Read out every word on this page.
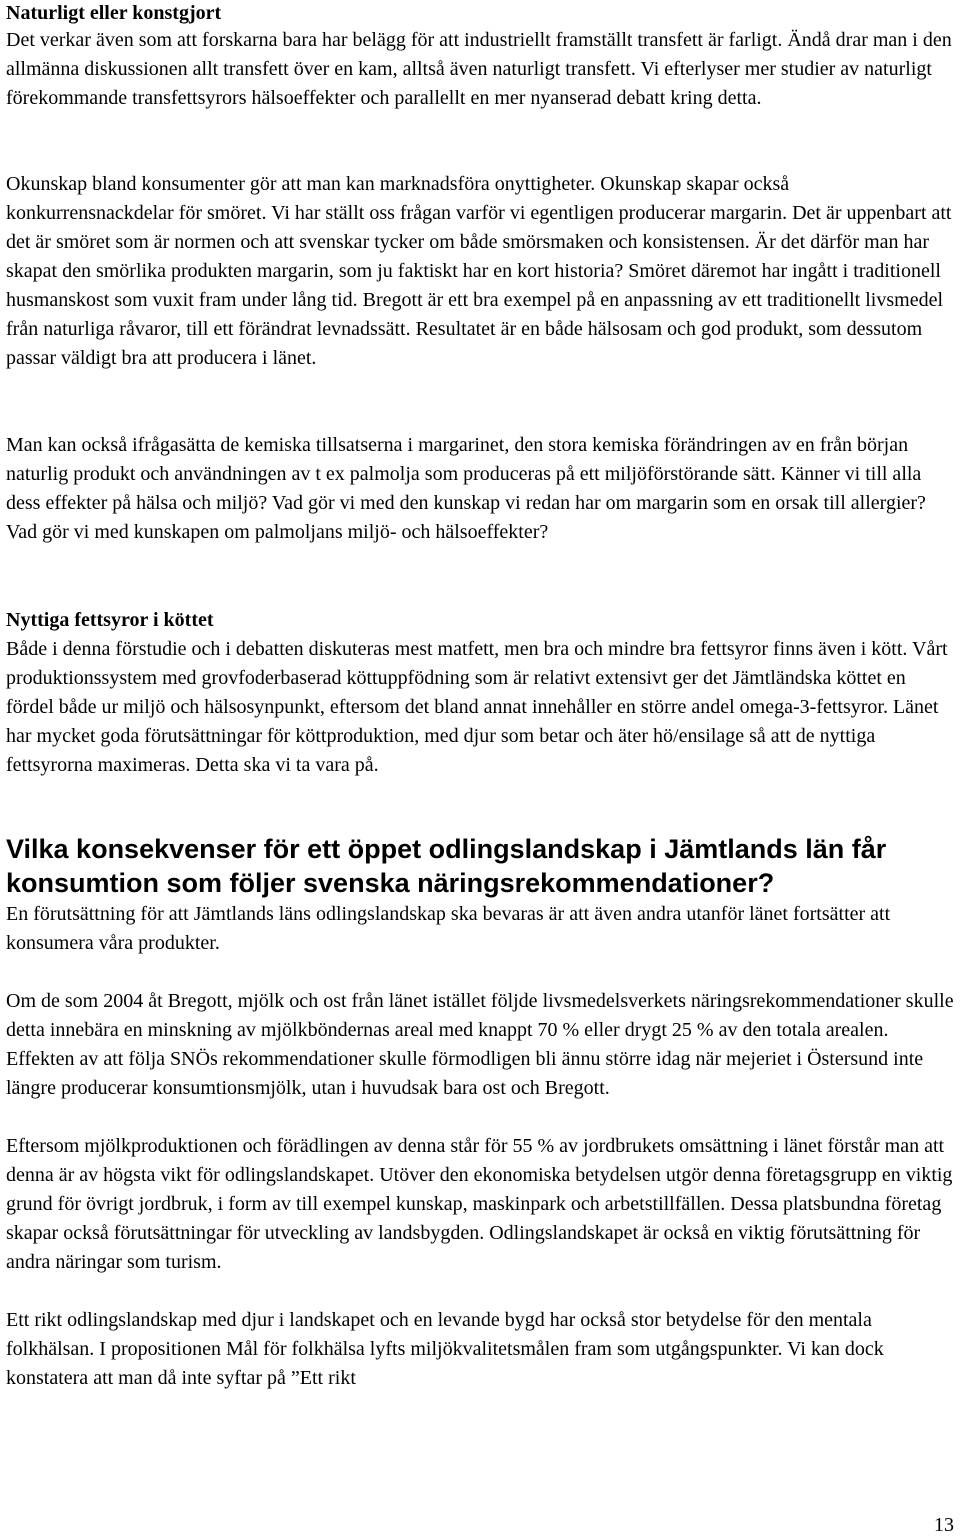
Naturligt eller konstgjort

Det verkar även som att forskarna bara har belägg för att industriellt framställt transfett är farligt. Ändå drar man i den allmänna diskussionen allt transfett över en kam, alltså även naturligt transfett. Vi efterlyser mer studier av naturligt förekommande transfettsyrors hälsoeffekter och parallellt en mer nyanserad debatt kring detta.

Okunskap bland konsumenter gör att man kan marknadsföra onyttigheter. Okunskap skapar också konkurrensnackdelar för smöret. Vi har ställt oss frågan varför vi egentligen producerar margarin. Det är uppenbart att det är smöret som är normen och att svenskar tycker om både smörsmaken och konsistensen. Är det därför man har skapat den smörlika produkten margarin, som ju faktiskt har en kort historia? Smöret däremot har ingått i traditionell husmanskost som vuxit fram under lång tid. Bregott är ett bra exempel på en anpassning av ett traditionellt livsmedel från naturliga råvaror, till ett förändrat levnadssätt. Resultatet är en både hälsosam och god produkt, som dessutom passar väldigt bra att producera i länet.

Man kan också ifrågasätta de kemiska tillsatserna i margarinet, den stora kemiska förändringen av en från början naturlig produkt och användningen av t ex palmolja som produceras på ett miljöförstörande sätt. Känner vi till alla dess effekter på hälsa och miljö? Vad gör vi med den kunskap vi redan har om margarin som en orsak till allergier? Vad gör vi med kunskapen om palmoljans miljö- och hälsoeffekter?

Nyttiga fettsyror i köttet

Både i denna förstudie och i debatten diskuteras mest matfett, men bra och mindre bra fettsyror finns även i kött. Vårt produktionssystem med grovfoderbaserad köttuppfödning som är relativt extensivt ger det Jämtländska köttet en fördel både ur miljö och hälsosynpunkt, eftersom det bland annat innehåller en större andel omega-3-fettsyror. Länet har mycket goda förutsättningar för köttproduktion, med djur som betar och äter hö/ensilage så att de nyttiga fettsyrorna maximeras. Detta ska vi ta vara på.

Vilka konsekvenser för ett öppet odlingslandskap i Jämtlands län får konsumtion som följer svenska näringsrekommendationer?

En förutsättning för att Jämtlands läns odlingslandskap ska bevaras är att även andra utanför länet fortsätter att konsumera våra produkter.

Om de som 2004 åt Bregott, mjölk och ost från länet istället följde livsmedelsverkets näringsrekommendationer skulle detta innebära en minskning av mjölkböndernas areal med knappt 70 % eller drygt 25 % av den totala arealen. Effekten av att följa SNÖs rekommendationer skulle förmodligen bli ännu större idag när mejeriet i Östersund inte längre producerar konsumtionsmjölk, utan i huvudsak bara ost och Bregott.

Eftersom mjölkproduktionen och förädlingen av denna står för 55 % av jordbrukets omsättning i länet förstår man att denna är av högsta vikt för odlingslandskapet. Utöver den ekonomiska betydelsen utgör denna företagsgrupp en viktig grund för övrigt jordbruk, i form av till exempel kunskap, maskinpark och arbetstillfällen. Dessa platsbundna företag skapar också förutsättningar för utveckling av landsbygden. Odlingslandskapet är också en viktig förutsättning för andra näringar som turism.

Ett rikt odlingslandskap med djur i landskapet och en levande bygd har också stor betydelse för den mentala folkhälsan. I propositionen Mål för folkhälsa lyfts miljökvalitetsmålen fram som utgångspunkter. Vi kan dock konstatera att man då inte syftar på ”Ett rikt

13
